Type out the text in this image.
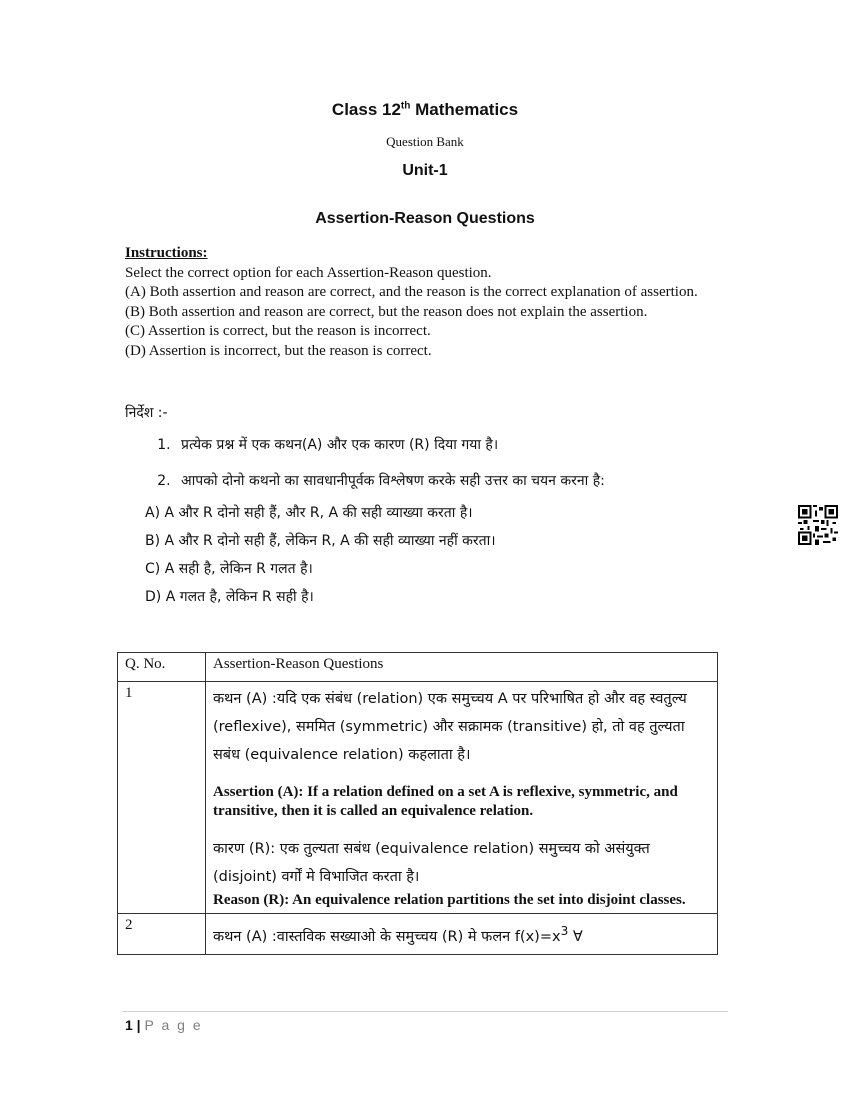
Class 12th Mathematics
Question Bank
Unit-1
Assertion-Reason Questions

Instructions:

Select the correct option for each Assertion-Reason question.

(A) Both assertion and reason are correct, and the reason is the correct explanation of assertion.

(B) Both assertion and reason are correct, but the reason does not explain the assertion.

(C) Assertion is correct, but the reason is incorrect.

(D) Assertion is incorrect, but the reason is correct.

निर्देश :-

1. प्रत्येक प्रश्न में एक कथन(A) और एक कारण (R) दिया गया है।
2. आपको दोनो कथनो का सावधानीपूर्वक विश्लेषण करके सही उत्तर का चयन करना है:

A) A और R दोनो सही हैं, और R, A की सही व्याख्या करता है।

B) A और R दोनो सही हैं, लेकिन R, A की सही व्याख्या नहीं करता।

C) A सही है, लेकिन R गलत है।

D) A गलत है, लेकिन R सही है।

Q. No.	Assertion-Reason Questions
1	कथन (A) :यदि एक संबंध (relation) एक समुच्चय A पर परिभाषित हो और वह स्वतुल्य (reflexive), सममित (symmetric) और सक्रामक (transitive) हो, तो वह तुल्यता सबंध (equivalence relation) कहलाता है।

Assertion (A): If a relation defined on a set A is reflexive, symmetric, and transitive, then it is called an equivalence relation.

कारण (R): एक तुल्यता सबंध (equivalence relation) समुच्चय को असंयुक्त (disjoint) वर्गों मे विभाजित करता है।

Reason (R): An equivalence relation partitions the set into disjoint classes.

2	कथन (A) :वास्तविक सख्याओ के समुच्चय (R) मे फलन $f(x)=x^3$ ∀

1 | P a g e
